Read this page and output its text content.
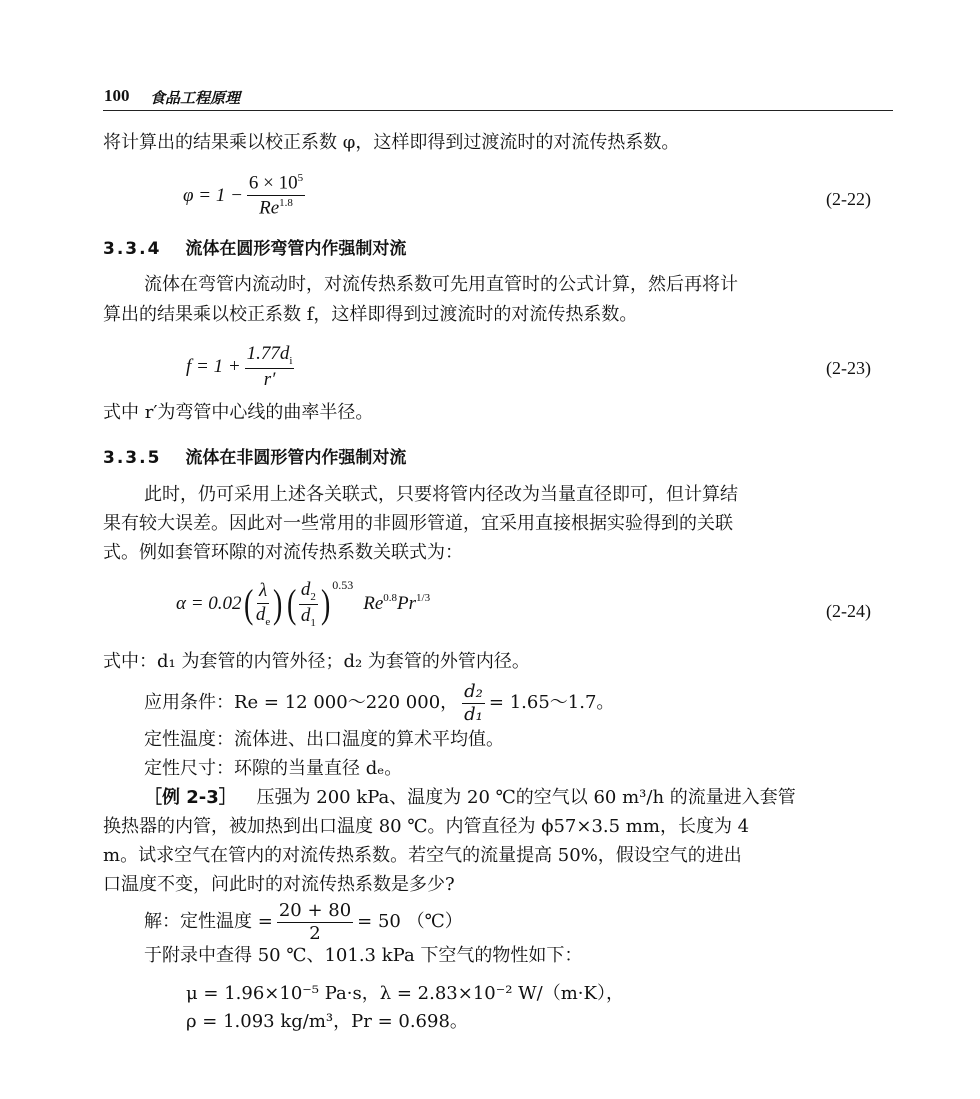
100 食品工程原理
将计算出的结果乘以校正系数 φ，这样即得到过渡流时的对流传热系数。
$\varphi = 1 - \frac{6 \times 10^5}{Re^{1.8}}$	(2-22)
3.3.4 流体在圆形弯管内作强制对流
流体在弯管内流动时，对流传热系数可先用直管时的公式计算，然后再将计
算出的结果乘以校正系数 f，这样即得到过渡流时的对流传热系数。
$f = 1 + \frac{1.77d_i}{r'}$	(2-23)
式中 r′为弯管中心线的曲率半径。
3.3.5 流体在非圆形管内作强制对流
此时，仍可采用上述各关联式，只要将管内径改为当量直径即可，但计算结
果有较大误差。因此对一些常用的非圆形管道，宜采用直接根据实验得到的关联
式。例如套管环隙的对流传热系数关联式为：
α = 0.02 ( $\frac{\lambda}{d_e}$ ) ( $\frac{d_2}{d_1}$ ) 0.53
$Re^{0.8}$ $Pr^{1/3}$
(2-24)
式中：d₁ 为套管的内管外径；d₂ 为套管的外管内径。
应用条件：Re = 12 000～220 000， $\frac{\text{d₂}}{\text{d₁}}$ = 1.65～1.7。
定性温度：流体进、出口温度的算术平均值。
定性尺寸：环隙的当量直径 dₑ。
［例 2-3］ 压强为 200 kPa、温度为 20 ℃的空气以 60 m³/h 的流量进入套管
换热器的内管，被加热到出口温度 80 ℃。内管直径为 ϕ57×3.5 mm，长度为 4
m。试求空气在管内的对流传热系数。若空气的流量提高 50%，假设空气的进出
口温度不变，问此时的对流传热系数是多少?
解：定性温度 = $\frac{20 + 80}{2} = 50$ （℃）
于附录中查得 50 ℃、101.3 kPa 下空气的物性如下：
μ = 1.96×10⁻⁵ Pa·s，λ = 2.83×10⁻² W/（m·K），
ρ = 1.093 kg/m³，Pr = 0.698。
